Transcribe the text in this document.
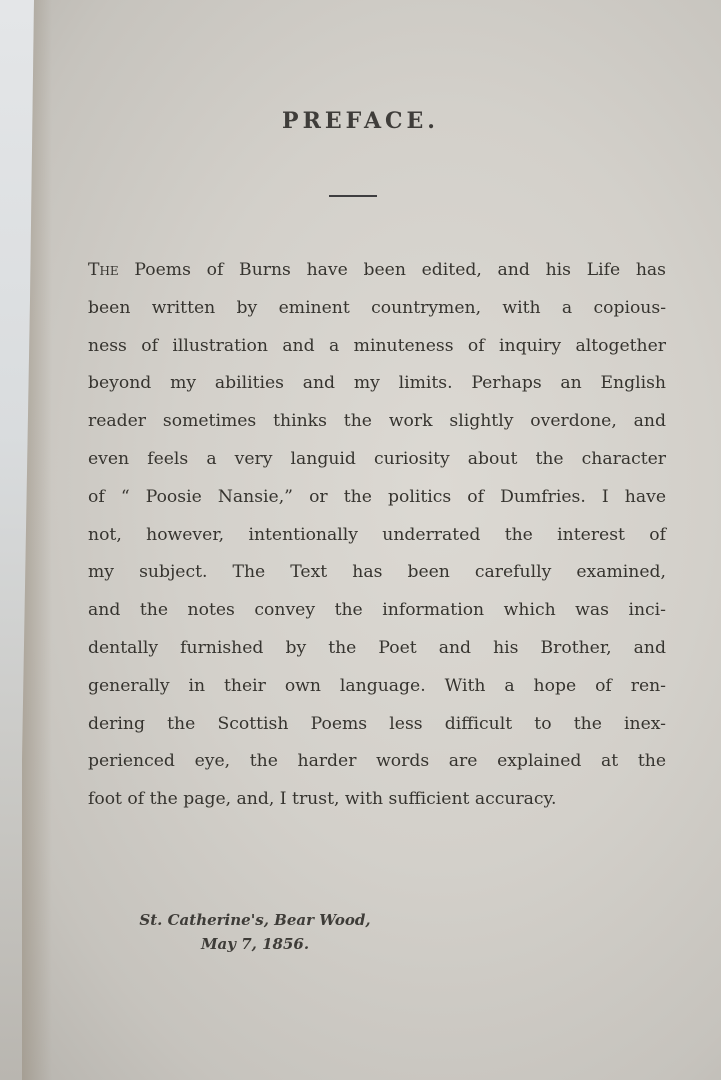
PREFACE.
The Poems of Burns have been edited, and his Life has
been written by eminent countrymen, with a copious-
ness of illustration and a minuteness of inquiry altogether
beyond my abilities and my limits. Perhaps an English
reader sometimes thinks the work slightly overdone, and
even feels a very languid curiosity about the character
of “ Poosie Nansie,” or the politics of Dumfries. I have
not, however, intentionally underrated the interest of
my subject. The Text has been carefully examined,
and the notes convey the information which was inci-
dentally furnished by the Poet and his Brother, and
generally in their own language. With a hope of ren-
dering the Scottish Poems less difficult to the inex-
perienced eye, the harder words are explained at the
foot of the page, and, I trust, with sufficient accuracy.
St. Catherine's, Bear Wood,
May 7, 1856.
